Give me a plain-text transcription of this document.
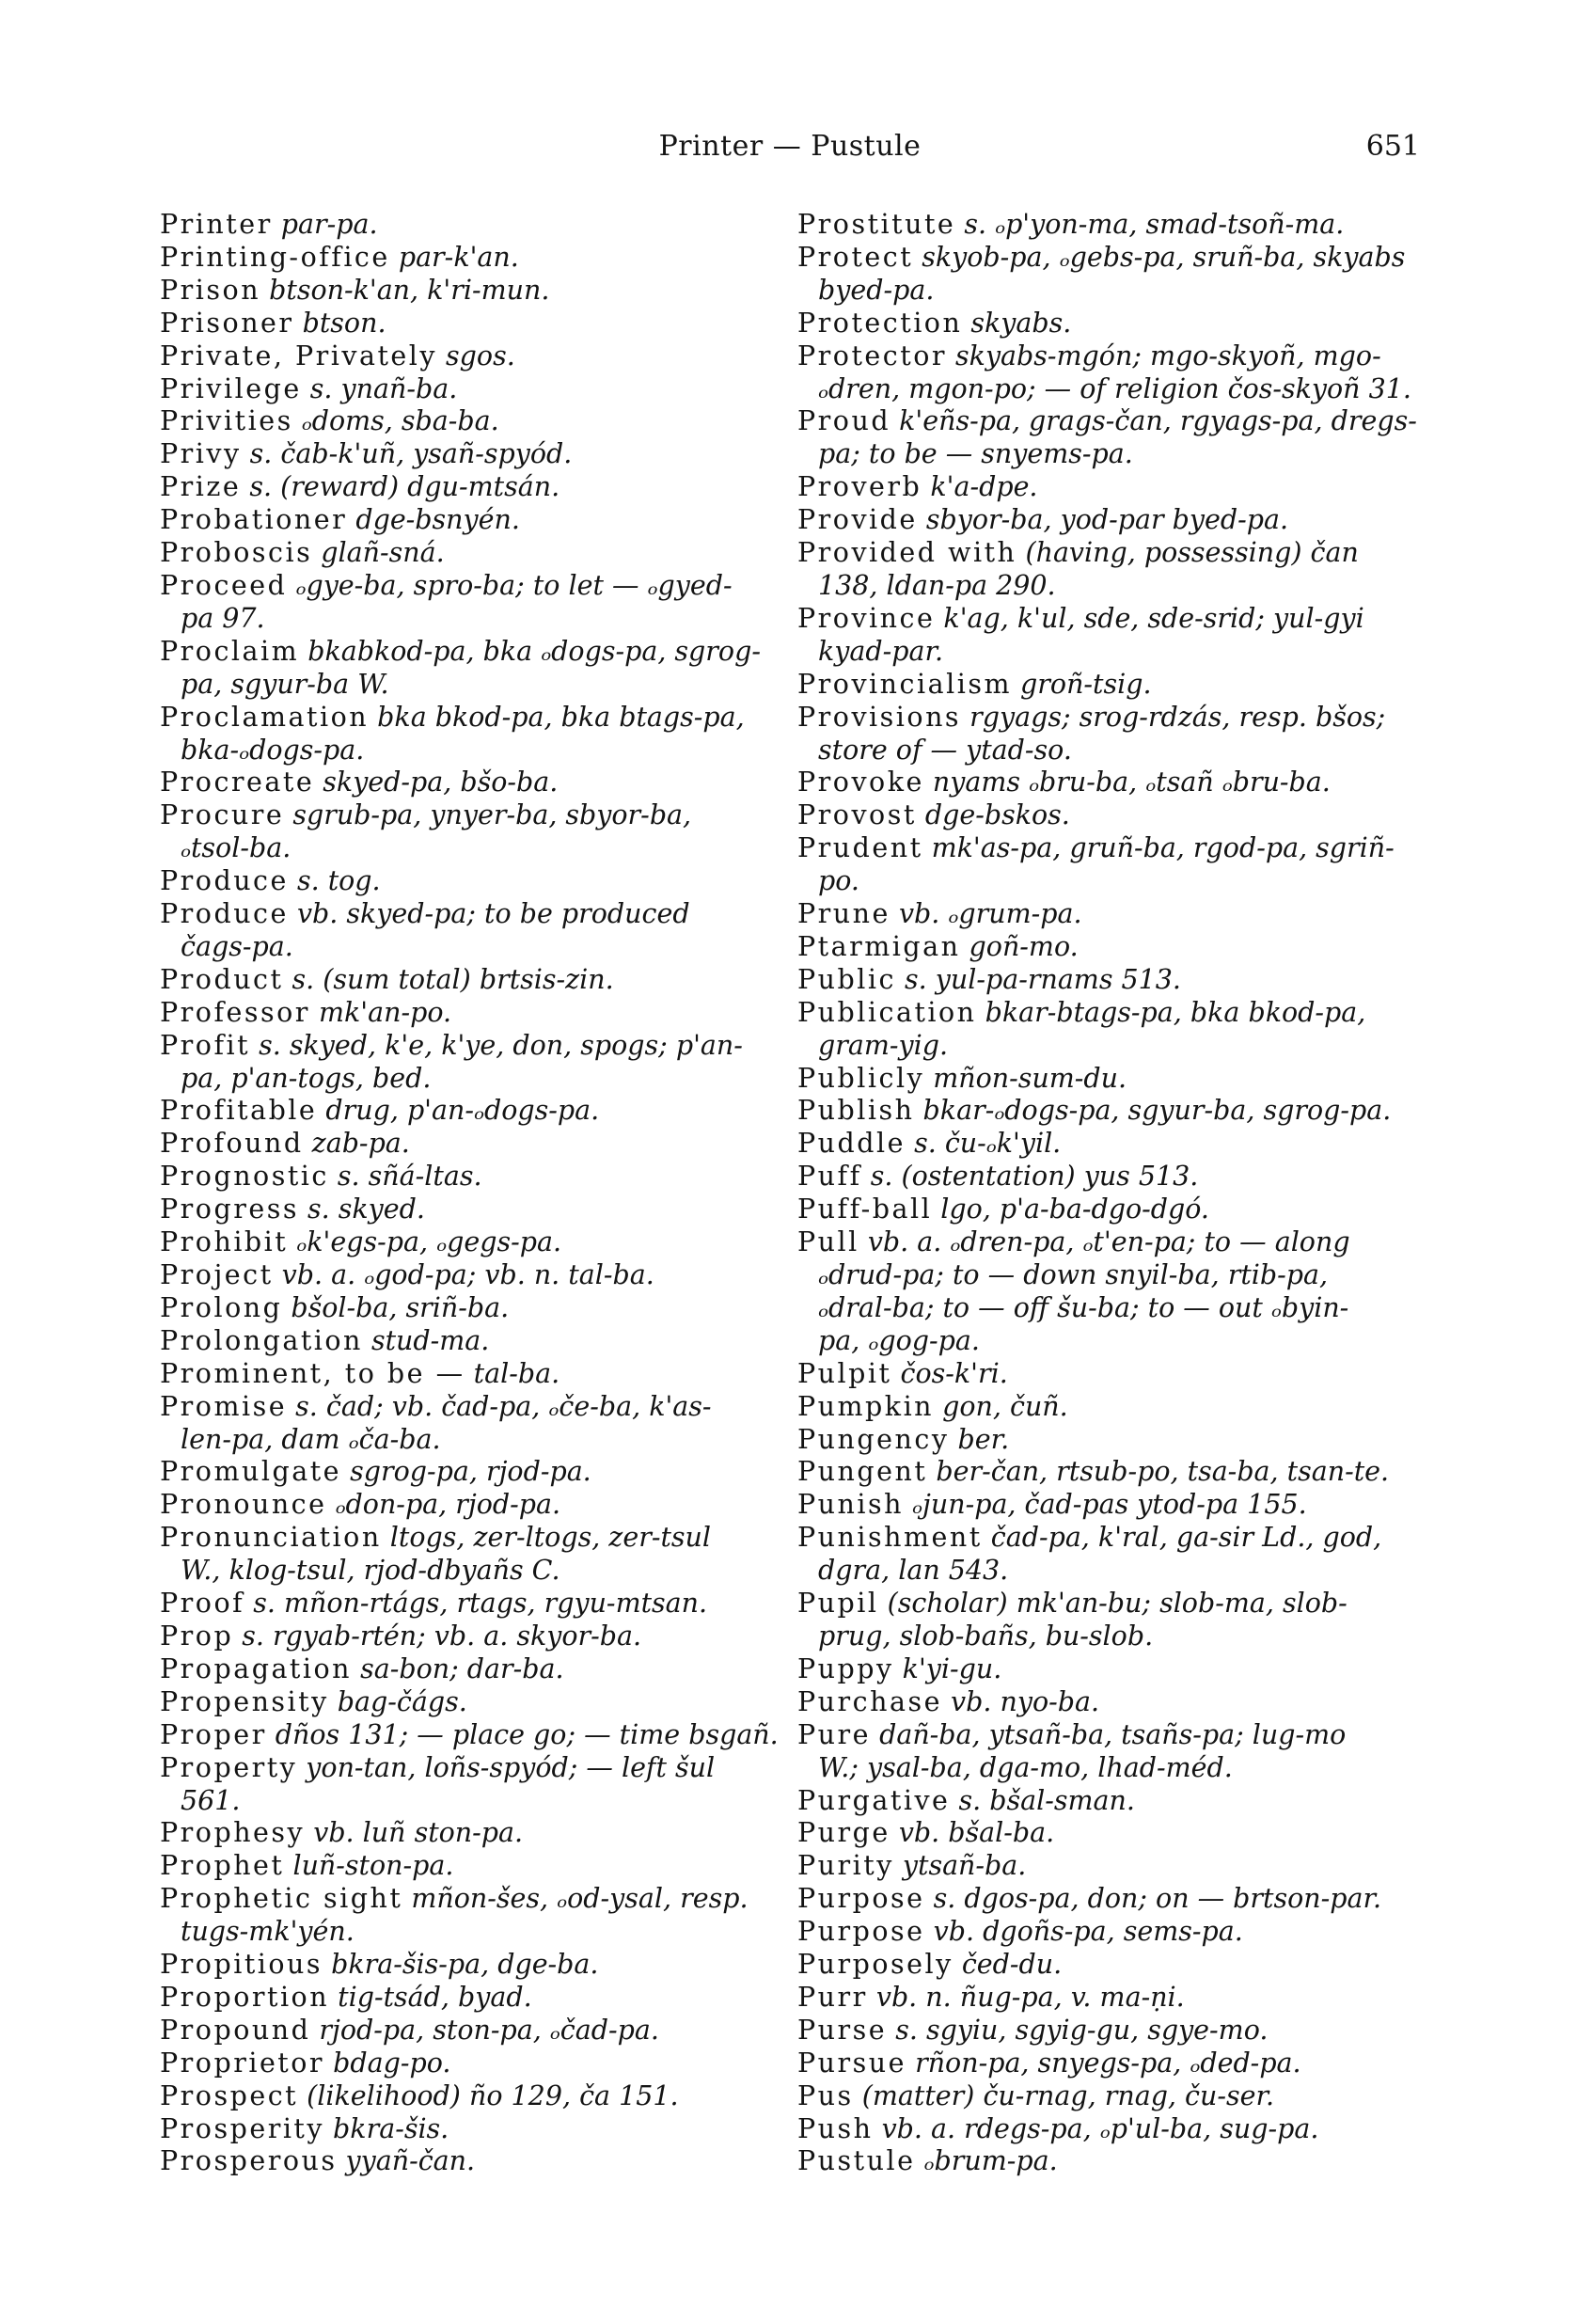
Printer — Pustule	651
Printer par-pa.
Printing-office par-k'an.
Prison btson-k'an, k'ri-mun.
Prisoner btson.
Private, Privately sgos.
Privilege s. ynañ-ba.
Privities ₒdoms, sba-ba.
Privy s. čab-k'uñ, ysañ-spyód.
Prize s. (reward) dgu-mtsán.
Probationer dge-bsnyén.
Proboscis glañ-sná.
Proceed ₒgye-ba, spro-ba; to let — ₒgyed-
pa 97.
Proclaim bkabkod-pa, bka ₒdogs-pa, sgrog-
pa, sgyur-ba W.
Proclamation bka bkod-pa, bka btags-pa,
bka-ₒdogs-pa.
Procreate skyed-pa, bšo-ba.
Procure sgrub-pa, ynyer-ba, sbyor-ba,
ₒtsol-ba.
Produce s. tog.
Produce vb. skyed-pa; to be produced
čags-pa.
Product s. (sum total) brtsis-zin.
Professor mk'an-po.
Profit s. skyed, k'e, k'ye, don, spogs; p'an-
pa, p'an-togs, bed.
Profitable drug, p'an-ₒdogs-pa.
Profound zab-pa.
Prognostic s. sñá-ltas.
Progress s. skyed.
Prohibit ₒk'egs-pa, ₒgegs-pa.
Project vb. a. ₒgod-pa; vb. n. tal-ba.
Prolong bšol-ba, sriñ-ba.
Prolongation stud-ma.
Prominent, to be — tal-ba.
Promise s. čad; vb. čad-pa, ₒče-ba, k'as-
len-pa, dam ₒča-ba.
Promulgate sgrog-pa, rjod-pa.
Pronounce ₒdon-pa, rjod-pa.
Pronunciation ltogs, zer-ltogs, zer-tsul
W., klog-tsul, rjod-dbyañs C.
Proof s. mñon-rtágs, rtags, rgyu-mtsan.
Prop s. rgyab-rtén; vb. a. skyor-ba.
Propagation sa-bon; dar-ba.
Propensity bag-čágs.
Proper dños 131; — place go; — time bsgañ.
Property yon-tan, loñs-spyód; — left šul
561.
Prophesy vb. luñ ston-pa.
Prophet luñ-ston-pa.
Prophetic sight mñon-šes, ₒod-ysal, resp.
tugs-mk'yén.
Propitious bkra-šis-pa, dge-ba.
Proportion tig-tsád, byad.
Propound rjod-pa, ston-pa, ₒčad-pa.
Proprietor bdag-po.
Prospect (likelihood) ño 129, ča 151.
Prosperity bkra-šis.
Prosperous yyañ-čan.
Prostitute s. ₒp'yon-ma, smad-tsoñ-ma.
Protect skyob-pa, ₒgebs-pa, sruñ-ba, skyabs
byed-pa.
Protection skyabs.
Protector skyabs-mgón; mgo-skyoñ, mgo-
ₒdren, mgon-po; — of religion čos-skyoñ 31.
Proud k'eñs-pa, grags-čan, rgyags-pa, dregs-
pa; to be — snyems-pa.
Proverb k'a-dpe.
Provide sbyor-ba, yod-par byed-pa.
Provided with (having, possessing) čan
138, ldan-pa 290.
Province k'ag, k'ul, sde, sde-srid; yul-gyi
kyad-par.
Provincialism groñ-tsig.
Provisions rgyags; srog-rdzás, resp. bšos;
store of — ytad-so.
Provoke nyams ₒbru-ba, ₒtsañ ₒbru-ba.
Provost dge-bskos.
Prudent mk'as-pa, gruñ-ba, rgod-pa, sgriñ-
po.
Prune vb. ₒgrum-pa.
Ptarmigan goñ-mo.
Public s. yul-pa-rnams 513.
Publication bkar-btags-pa, bka bkod-pa,
gram-yig.
Publicly mñon-sum-du.
Publish bkar-ₒdogs-pa, sgyur-ba, sgrog-pa.
Puddle s. ču-ₒk'yil.
Puff s. (ostentation) yus 513.
Puff-ball lgo, p'a-ba-dgo-dgó.
Pull vb. a. ₒdren-pa, ₒt'en-pa; to — along
ₒdrud-pa; to — down snyil-ba, rtib-pa,
ₒdral-ba; to — off šu-ba; to — out ₒbyin-
pa, ₒgog-pa.
Pulpit čos-k'ri.
Pumpkin gon, čuñ.
Pungency ber.
Pungent ber-čan, rtsub-po, tsa-ba, tsan-te.
Punish ₒjun-pa, čad-pas ytod-pa 155.
Punishment čad-pa, k'ral, ga-sir Ld., god,
dgra, lan 543.
Pupil (scholar) mk'an-bu; slob-ma, slob-
prug, slob-bañs, bu-slob.
Puppy k'yi-gu.
Purchase vb. nyo-ba.
Pure dañ-ba, ytsañ-ba, tsañs-pa; lug-mo
W.; ysal-ba, dga-mo, lhad-méd.
Purgative s. bšal-sman.
Purge vb. bšal-ba.
Purity ytsañ-ba.
Purpose s. dgos-pa, don; on — brtson-par.
Purpose vb. dgoñs-pa, sems-pa.
Purposely čed-du.
Purr vb. n. ñug-pa, v. ma-ṇi.
Purse s. sgyiu, sgyig-gu, sgye-mo.
Pursue rñon-pa, snyegs-pa, ₒded-pa.
Pus (matter) ču-rnag, rnag, ču-ser.
Push vb. a. rdegs-pa, ₒp'ul-ba, sug-pa.
Pustule ₒbrum-pa.
